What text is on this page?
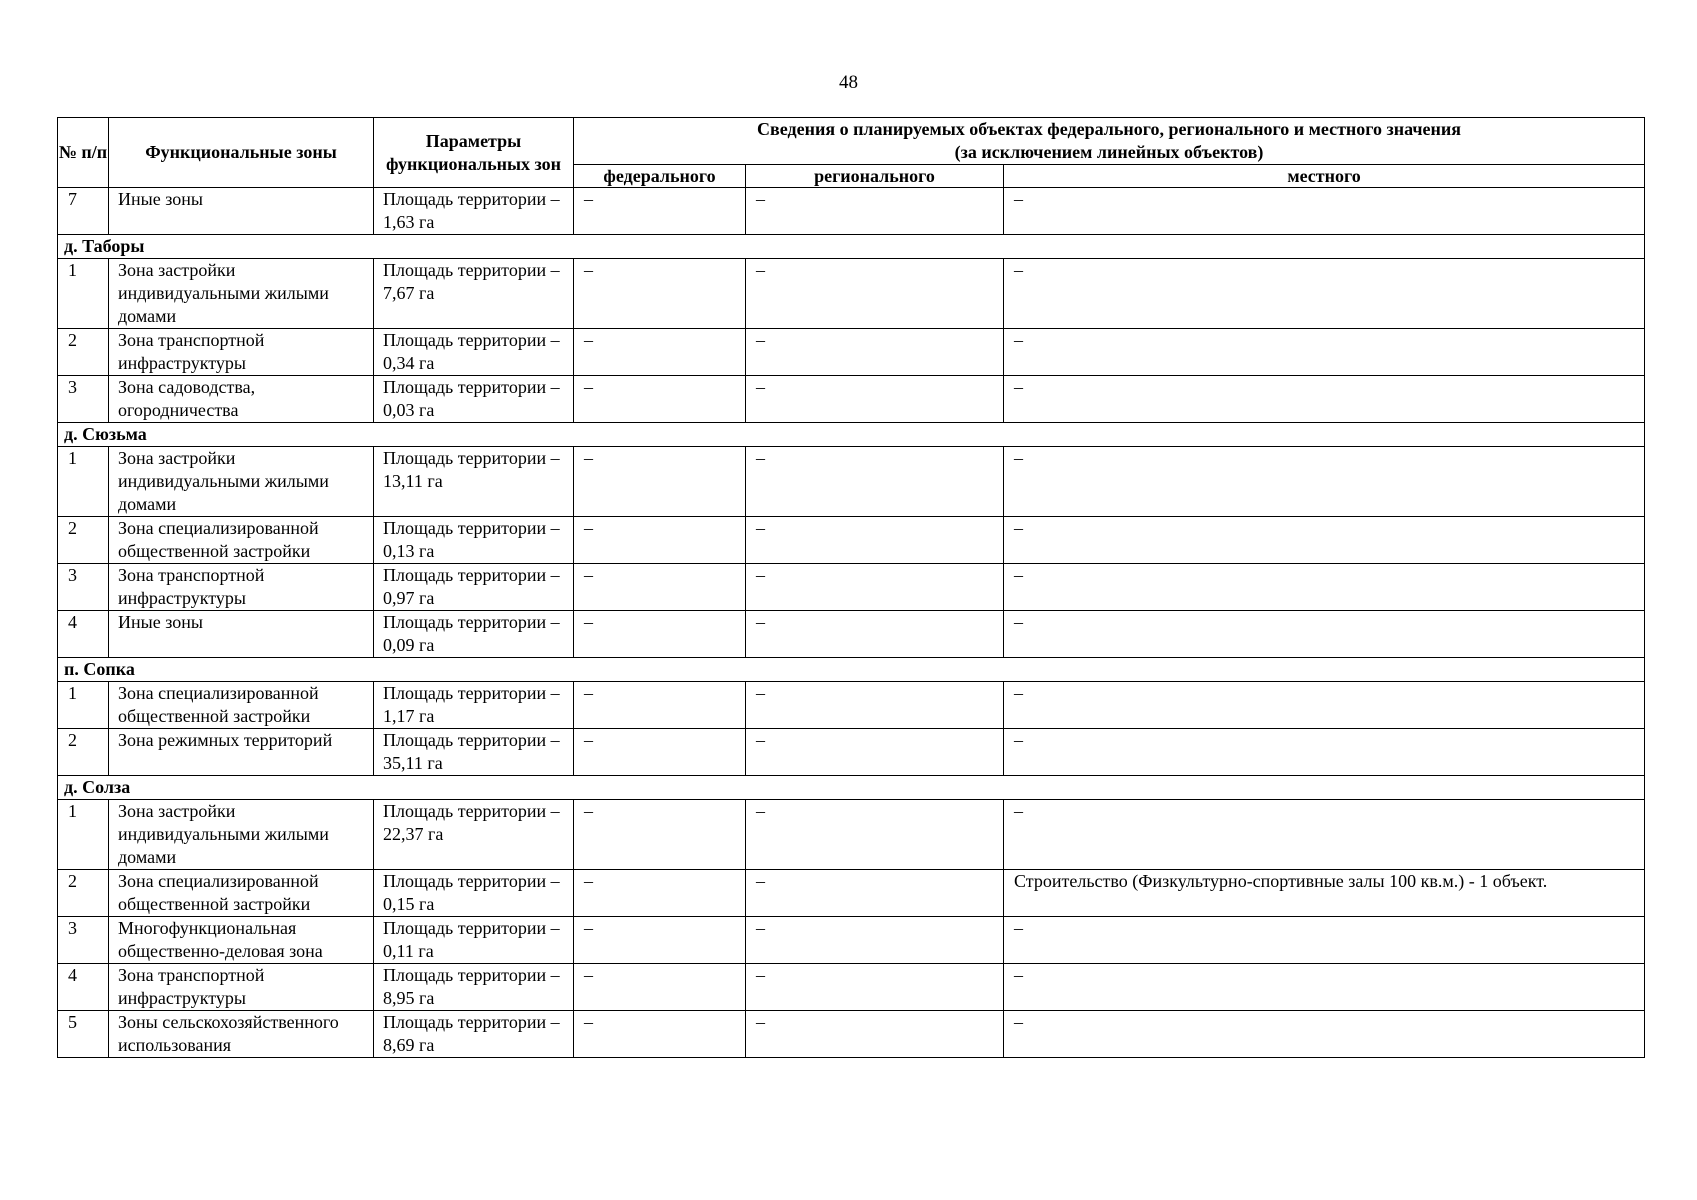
48
№ п/п	Функциональные зоны	Параметры функциональных зон	Сведения о планируемых объектах федерального, регионального и местного значения
(за исключением линейных объектов)		

			федерального	регионального	местного
7	Иные зоны	Площадь территории – 1,63 га	–	–	–
д. Таборы					
1	Зона застройки индивидуальными жилыми домами	Площадь территории – 7,67 га	–	–	–
2	Зона транспортной инфраструктуры	Площадь территории – 0,34 га	–	–	–
3	Зона садоводства, огородничества	Площадь территории – 0,03 га	–	–	–
д. Сюзьма					
1	Зона застройки индивидуальными жилыми домами	Площадь территории – 13,11 га	–	–	–
2	Зона специализированной общественной застройки	Площадь территории – 0,13 га	–	–	–
3	Зона транспортной инфраструктуры	Площадь территории – 0,97 га	–	–	–
4	Иные зоны	Площадь территории – 0,09 га	–	–	–
п. Сопка					
1	Зона специализированной общественной застройки	Площадь территории – 1,17 га	–	–	–
2	Зона режимных территорий	Площадь территории – 35,11 га	–	–	–
д. Солза					
1	Зона застройки индивидуальными жилыми домами	Площадь территории – 22,37 га	–	–	–
2	Зона специализированной общественной застройки	Площадь территории – 0,15 га	–	–	Строительство (Физкультурно-спортивные залы 100 кв.м.) - 1 объект.
3	Многофункциональная общественно-деловая зона	Площадь территории – 0,11 га	–	–	–
4	Зона транспортной инфраструктуры	Площадь территории – 8,95 га	–	–	–
5	Зоны сельскохозяйственного использования	Площадь территории – 8,69 га	–	–	–
